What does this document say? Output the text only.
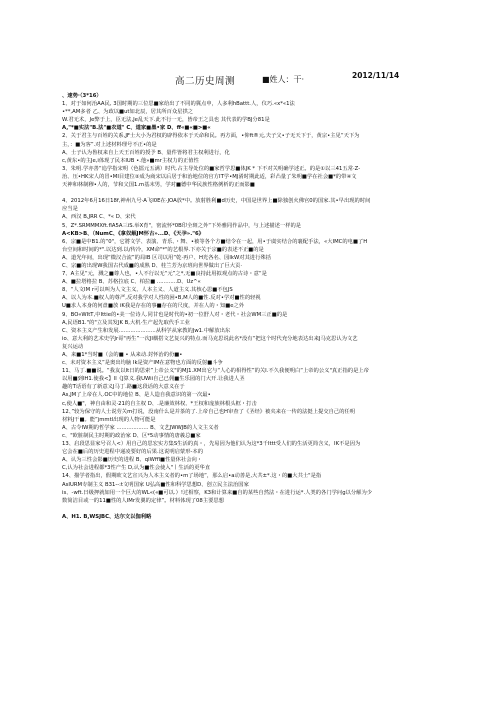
高二历史周测	■姓人：干·	2012/11/14
、速势·（3*16）
1、对于如何治AA民, 3国时期的三位思■家给出了不同的冀点申，人多利hBattt.人，仪巧.«x*«1法
•**,AM多者 乙、为政以■ut如北辰，居其所百众星拱之
W.君无术，Je弊于上，臣无法,Je乱天下.此不行一无，皆帝王之具也 其代表的学BJ分81是
A,"*■实法"B.法"■农道" C、道家■墨•家 D、ff«■«■>■«
2、关于君主与百姓的关系,JF士大小为君权的辟得依本于天命和民。再方面，•仰ft®元,夫子父•子无天下于，黄宗•主见“天下为
主，：■为客”.对上述材料理号不正•的是
A、士子认为鲁权来自上天王百姓的授予 B、量件皆将君主权利进行，化
c,黄东•的主Je,i体现了民本IUB •.他»■mr主权力的正值性
3、朱明.学亦善“追学指宋明（色擂元五满）时代.占主导处位的■家哲学思■体JK * 下不对关明确学述正。的是①以三41五常·Z-
治、压•HK宋人的冒•MI目建位②成为商宋以后居于和治地位的官方IT学•MJ淆时期此适，彩凸量了朱明■学在社会■*的带④文
天神和林制穆•人的，节和父国1.m基末男，学对■德中华民族性格例析的正而影■
4、2012年6月16日18f,神州九号·A飞I0E在·JOA放*中。放射胜利■d历史，中国是世界上■除独创火佛官0的国家.其•早出现的时间
应当是
A、西汉 B,JRR C、*« D、宋代
5、Z*.SRMMMXft.flA5A三iS.举X育"，密流怀*0B印全斑之外“下外雅同作品中，与上述描述一样的是
A<KB>B、（NumC、《拿奴解JM怀古»...D、《天孕»."6》
6、宗■是中B1.的“0"，它將文学、表演、青乐、・舞、•被等各个方■结令在一起，用•于虞实结合的襄配手法，«大IMC的电■了H
台空间和时间的*".以达到.以/传冷，XM命"*"的艺根界.下亦关于宗■的表述不正■的是
A、道光年间，出现“微汉合流”的局IB 区司以用“乾·再户、H光各名、园lkW对其进行殊括
C、宗■的出现W我国古代成■的成熟 D、桂兰芳为京班向世界做出了巨大贡·
7、A主见“元，溅之■尊人也，•人不行以无“元”之*,无■良持此用拟观点的古诗・意“是
A、■拉塔格拉 B、苏格拉底 C、柏拉■ ............D、Uz^«
8、“人文IM r可以叫为人文主义、人本主义、人道主义.其核心思■不包JS
A、以人为本.■权人的尊严,反对我学对人性的困•B,M人的■性.反对•学对■性的轻视
U■求人本身的何盘■放 iK我是存在的事■存在的尺度，并在人的・知■e之外
9、BO«WItT,中Ittie的•美一位诗人.同甘也是时代的•初一位舒人对・老代・社会WM三正■的是
A,民语B1."的"立及其发JK B,大机·生产起先取代手工业
C、资本主义产生和发展......................从科学从家教的Jw1.中解放出东
io、意大利的艺术史学Jr哥"再生”一次JI耦搭文艺复兴的特点.而马克思说此名*没有“把这个时代充分地表达出来J马克思认为文艺
复兴运动
A、来■1*当时■（会的■ • 从来动.封怀治的份■•
c、未对资本主义”是奥出均脑 Ik是资产IM在意物也方面的反射■斗争
11、马丁.■■说。“我友以It日的思索”上帝公义"的MJ1.XM出它与“人心的相得性”的关I.不久我便明白“上帝的公义"真正指的是上帝
以用■到lH1.使我<】ll《J算义.我UWii自己已佣■生乐园的门大开.让我进人圣
趣的T话语有了新意义J马丁.路■这段话的大意义在于
As,JM了上帝在人.OC中的地位 B、是人造自我意识的第一次最•
c,使人■"，神自由和灵·21的自主权 D、.是廉效林权、*王权和庞族林根头框・打击
12、”较为保守的人士说劳关m打说，没南什么是并茶的了.上帝自己也H审查了《圣经》被夹来在一传的法挺上提交自己的任明
材料J干■。能”jmmtl出现的人物可能是
A、古令IW期的哲学家 ................... B、文艺JWWJB的人文主义者
c、"欧脏制民主时期的政治家 D、区*5动事情的唐羲总■家
13、启段思显家号召人<）用自己的思宏实方集S生活的真・，先易因为他们认为这*3千Ittt受人们的生活更简含义，IK不是因为
它会在■后的历史进程中递凌要好的后果.这说明启蒙形-本的
A、认为三性会影■历史的进程 B、qlWffl■性量休社会向・
C,认为社会进程都*3性产生 D,认为■性会使入"丨生活的更华直
14、描学者指出，假期欧文艺宣兴为人本主义者的•m了场地“，那么启•a动善是,大共±*.这・的■大共士"是指
AsIURM专制主义 B31--:t文明国家 U弘高■性和科学思想D、创立民主法治国家
is、-wft.曰级押就如用一个巨大的WL«(«■可以.）!过相察，K3和计算来■自的某些自然法・在进行运*.人类的各门学问g以分解为少
数简洁目或一的11■性的人IMr发翼的定律”。材料体现了08主要思想
A、H1. B,WSJBC、达尔文以伽利略
